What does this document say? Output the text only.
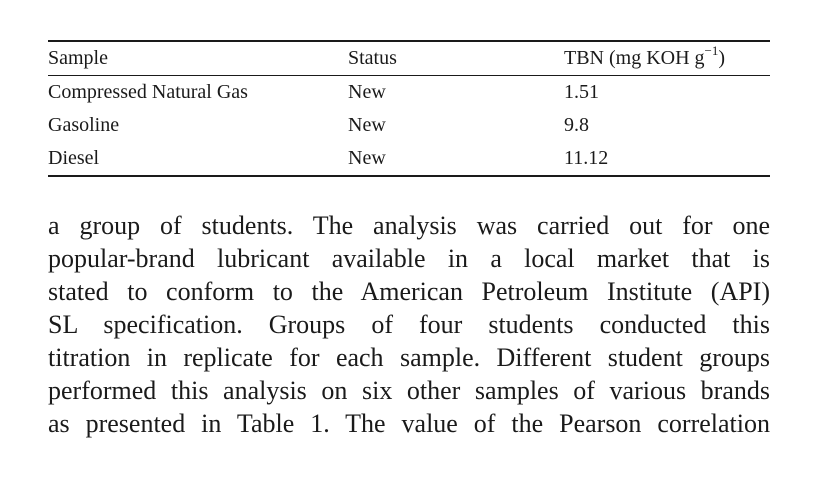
Sample	Status	TBN (mg KOH $g^{-1}$)
Compressed Natural Gas	New	1.51
Gasoline	New	9.8
Diesel	New	11.12
a group of students. The analysis was carried out for one
popular-brand lubricant available in a local market that is
stated to conform to the American Petroleum Institute (API)
SL specification. Groups of four students conducted this
titration in replicate for each sample. Different student groups
performed this analysis on six other samples of various brands
as presented in Table 1. The value of the Pearson correlation
